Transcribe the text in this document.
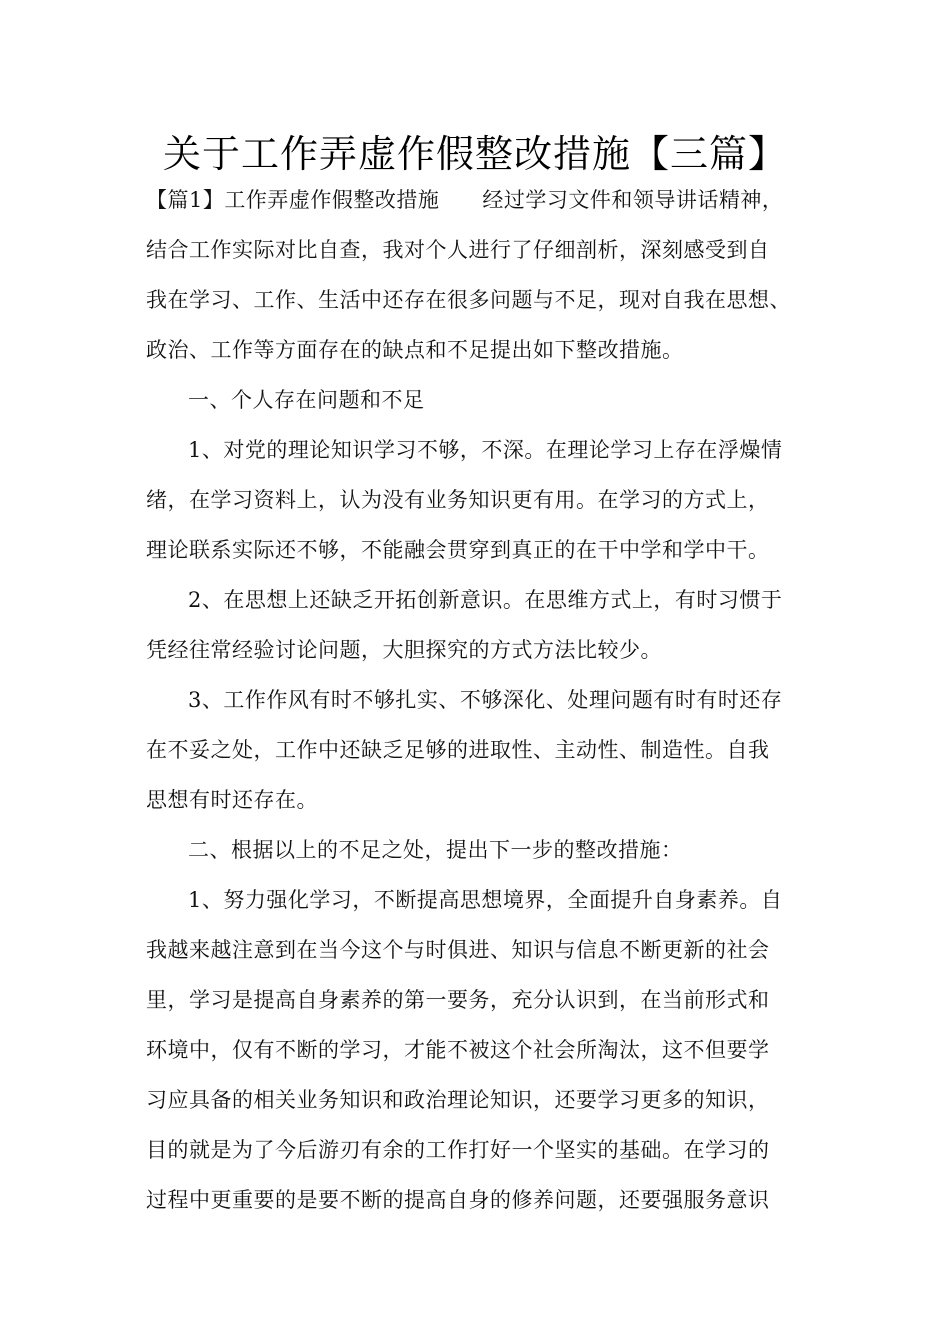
关于工作弄虚作假整改措施【三篇】
【篇1】工作弄虚作假整改措施　　经过学习文件和领导讲话精神，
结合工作实际对比自查，我对个人进行了仔细剖析，深刻感受到自
我在学习、工作、生活中还存在很多问题与不足，现对自我在思想、
政治、工作等方面存在的缺点和不足提出如下整改措施。
一、个人存在问题和不足
1、对党的理论知识学习不够，不深。在理论学习上存在浮燥情
绪，在学习资料上，认为没有业务知识更有用。在学习的方式上，
理论联系实际还不够，不能融会贯穿到真正的在干中学和学中干。
2、在思想上还缺乏开拓创新意识。在思维方式上，有时习惯于
凭经往常经验讨论问题，大胆探究的方式方法比较少。
3、工作作风有时不够扎实、不够深化、处理问题有时有时还存
在不妥之处，工作中还缺乏足够的进取性、主动性、制造性。自我
思想有时还存在。
二、根据以上的不足之处，提出下一步的整改措施：
1、努力强化学习，不断提高思想境界，全面提升自身素养。自
我越来越注意到在当今这个与时俱进、知识与信息不断更新的社会
里，学习是提高自身素养的第一要务，充分认识到，在当前形式和
环境中，仅有不断的学习，才能不被这个社会所淘汰，这不但要学
习应具备的相关业务知识和政治理论知识，还要学习更多的知识，
目的就是为了今后游刃有余的工作打好一个坚实的基础。在学习的
过程中更重要的是要不断的提高自身的修养问题，还要强服务意识
